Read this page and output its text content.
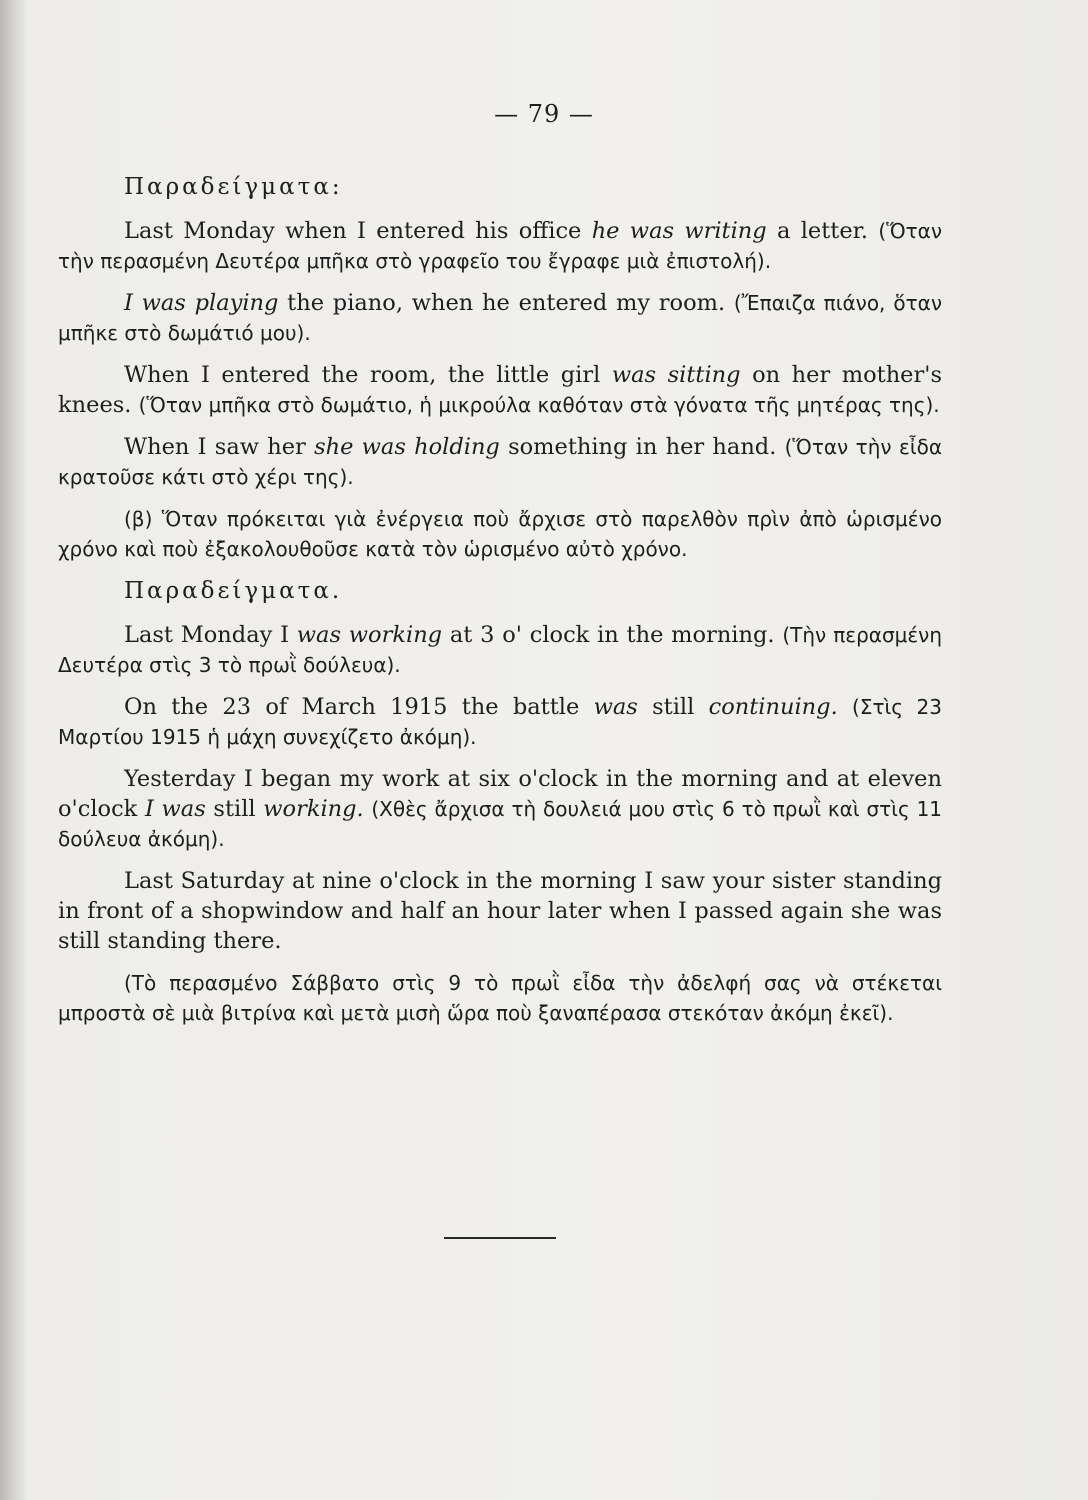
— 79 —
Παραδείγματα:

Last Monday when I entered his office he was writing a letter. (Ὅταν τὴν περασμένη Δευτέρα μπῆκα στὸ γραφεῖο του ἔγραφε μιὰ ἐπιστολή).

I was playing the piano, when he entered my room. (Ἔπαιζα πιάνο, ὅταν μπῆκε στὸ δωμάτιό μου).

When I entered the room, the little girl was sitting on her mother's knees. (Ὅταν μπῆκα στὸ δωμάτιο, ἡ μικρούλα καθόταν στὰ γόνατα τῆς μητέρας της).

When I saw her she was holding something in her hand. (Ὅταν τὴν εἶδα κρατοῦσε κάτι στὸ χέρι της).

(β) Ὅταν πρόκειται γιὰ ἐνέργεια ποὺ ἄρχισε στὸ παρελθὸν πρὶν ἀπὸ ὡρισμένο χρόνο καὶ ποὺ ἐξακολουθοῦσε κατὰ τὸν ὡρισμένο αὐτὸ χρόνο.

Παραδείγματα.

Last Monday I was working at 3 o' clock in the morning. (Τὴν περασμένη Δευτέρα στὶς 3 τὸ πρωῒ δούλευα).

On the 23 of March 1915 the battle was still continuing. (Στὶς 23 Μαρτίου 1915 ἡ μάχη συνεχίζετο ἀκόμη).

Yesterday I began my work at six o'clock in the morning and at eleven o'clock I was still working. (Χθὲς ἄρχισα τὴ δουλειά μου στὶς 6 τὸ πρωῒ καὶ στὶς 11 δούλευα ἀκόμη).

Last Saturday at nine o'clock in the morning I saw your sister standing in front of a shopwindow and half an hour later when I passed again she was still standing there.

(Τὸ περασμένο Σάββατο στὶς 9 τὸ πρωῒ εἶδα τὴν ἀδελφή σας νὰ στέκεται μπροστὰ σὲ μιὰ βιτρίνα καὶ μετὰ μισὴ ὥρα ποὺ ξαναπέρασα στεκόταν ἀκόμη ἐκεῖ).
